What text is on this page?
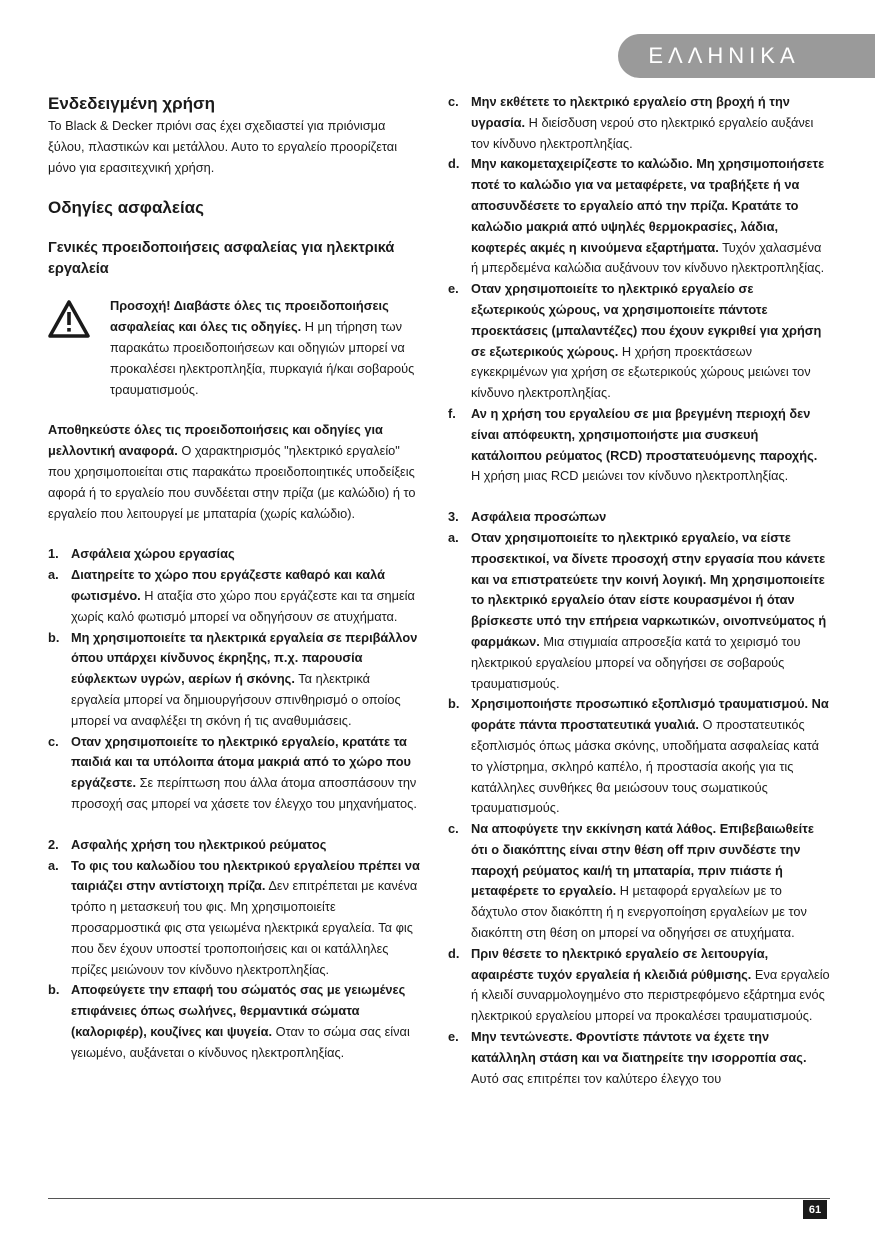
ΕΛΛΗΝΙΚΑ
Ενδεδειγμένη χρήση

Το Black & Decker πριόνι σας έχει σχεδιαστεί για πριόνισμα ξύλου, πλαστικών και μετάλλου. Αυτο το εργαλείο προορίζεται μόνο για ερασιτεχνική χρήση.

Οδηγίες ασφαλείας
Γενικές προειδοποιήσεις ασφαλείας για ηλεκτρικά εργαλεία

Προσοχή! Διαβάστε όλες τις προειδοποιήσεις ασφαλείας και όλες τις οδηγίες. Η μη τήρηση των παρακάτω προειδοποιήσεων και οδηγιών μπορεί να προκαλέσει ηλεκτροπληξία, πυρκαγιά ή/και σοβαρούς τραυματισμούς.

Αποθηκεύστε όλες τις προειδοποιήσεις και οδηγίες για μελλοντική αναφορά. Ο χαρακτηρισμός "ηλεκτρικό εργαλείο" που χρησιμοποιείται στις παρακάτω προειδοποιητικές υποδείξεις αφορά ή το εργαλείο που συνδέεται στην πρίζα (με καλώδιο) ή το εργαλείο που λειτουργεί με μπαταρία (χωρίς καλώδιο).

1. Ασφάλεια χώρου εργασίας
a. Διατηρείτε το χώρο που εργάζεστε καθαρό και καλά φωτισμένο. Η αταξία στο χώρο που εργάζεστε και τα σημεία χωρίς καλό φωτισμό μπορεί να οδηγήσουν σε ατυχήματα.

b. Μη χρησιμοποιείτε τα ηλεκτρικά εργαλεία σε περιβάλλον όπου υπάρχει κίνδυνος έκρηξης, π.χ. παρουσία εύφλεκτων υγρών, αερίων ή σκόνης. Τα ηλεκτρικά εργαλεία μπορεί να δημιουργήσουν σπινθηρισμό ο οποίος μπορεί να αναφλέξει τη σκόνη ή τις αναθυμιάσεις.

c. Οταν χρησιμοποιείτε το ηλεκτρικό εργαλείο, κρατάτε τα παιδιά και τα υπόλοιπα άτομα μακριά από το χώρο που εργάζεστε. Σε περίπτωση που άλλα άτομα αποσπάσουν την προσοχή σας μπορεί να χάσετε τον έλεγχο του μηχανήματος.

2. Ασφαλής χρήση του ηλεκτρικού ρεύματος
a. Το φις του καλωδίου του ηλεκτρικού εργαλείου πρέπει να ταιριάζει στην αντίστοιχη πρίζα. Δεν επιτρέπεται με κανένα τρόπο η μετασκευή του φις. Μη χρησιμοποιείτε προσαρμοστικά φις στα γειωμένα ηλεκτρικά εργαλεία. Τα φις που δεν έχουν υποστεί τροποποιήσεις και οι κατάλληλες πρίζες μειώνουν τον κίνδυνο ηλεκτροπληξίας.

b. Αποφεύγετε την επαφή του σώματός σας με γειωμένες επιφάνειες όπως σωλήνες, θερμαντικά σώματα (καλοριφέρ), κουζίνες και ψυγεία. Οταν το σώμα σας είναι γειωμένο, αυξάνεται ο κίνδυνος ηλεκτροπληξίας.

c. Μην εκθέτετε το ηλεκτρικό εργαλείο στη βροχή ή την υγρασία. Η διείσδυση νερού στο ηλεκτρικό εργαλείο αυξάνει τον κίνδυνο ηλεκτροπληξίας.

d. Μην κακομεταχειρίζεστε το καλώδιο. Μη χρησιμοποιήσετε ποτέ το καλώδιο για να μεταφέρετε, να τραβήξετε ή να αποσυνδέσετε το εργαλείο από την πρίζα. Κρατάτε το καλώδιο μακριά από υψηλές θερμοκρασίες, λάδια, κοφτερές ακμές η κινούμενα εξαρτήματα. Τυχόν χαλασμένα ή μπερδεμένα καλώδια αυξάνουν τον κίνδυνο ηλεκτροπληξίας.

e. Οταν χρησιμοποιείτε το ηλεκτρικό εργαλείο σε εξωτερικούς χώρους, να χρησιμοποιείτε πάντοτε προεκτάσεις (μπαλαντέζες) που έχουν εγκριθεί για χρήση σε εξωτερικούς χώρους. Η χρήση προεκτάσεων εγκεκριμένων για χρήση σε εξωτερικούς χώρους μειώνει τον κίνδυνο ηλεκτροπληξίας.

f.	Αν η χρήση του εργαλείου σε μια βρεγμένη περιοχή δεν είναι απόφευκτη, χρησιμοποιήστε μια συσκευή κατάλοιπου ρεύματος (RCD) προστατευόμενης παροχής. Η χρήση μιας RCD μειώνει τον κίνδυνο ηλεκτροπληξίας.

3. Ασφάλεια προσώπων
a. Οταν χρησιμοποιείτε το ηλεκτρικό εργαλείο, να είστε προσεκτικοί, να δίνετε προσοχή στην εργασία που κάνετε και να επιστρατεύετε την κοινή λογική. Μη χρησιμοποιείτε το ηλεκτρικό εργαλείο όταν είστε κουρασμένοι ή όταν βρίσκεστε υπό την επήρεια ναρκωτικών, οινοπνεύματος ή φαρμάκων. Μια στιγμιαία απροσεξία κατά το χειρισμό του ηλεκτρικού εργαλείου μπορεί να οδηγήσει σε σοβαρούς τραυματισμούς.

b. Χρησιμοποιήστε προσωπικό εξοπλισμό τραυματισμού. Να φοράτε πάντα προστατευτικά γυαλιά. Ο προστατευτικός εξοπλισμός όπως μάσκα σκόνης, υποδήματα ασφαλείας κατά το γλίστρημα, σκληρό καπέλο, ή προστασία ακοής για τις κατάλληλες συνθήκες θα μειώσουν τους σωματικούς τραυματισμούς.

c. Να αποφύγετε την εκκίνηση κατά λάθος. Επιβεβαιωθείτε ότι ο διακόπτης είναι στην θέση off πριν συνδέστε την παροχή ρεύματος και/ή τη μπαταρία, πριν πιάστε ή μεταφέρετε το εργαλείο. Η μεταφορά εργαλείων με το δάχτυλο στον διακόπτη ή η ενεργοποίηση εργαλείων με τον διακόπτη στη θέση on μπορεί να οδηγήσει σε ατυχήματα.

d. Πριν θέσετε το ηλεκτρικό εργαλείο σε λειτουργία, αφαιρέστε τυχόν εργαλεία ή κλειδιά ρύθμισης. Ενα εργαλείο ή κλειδί συναρμολογημένο στο περιστρεφόμενο εξάρτημα ενός ηλεκτρικού εργαλείου μπορεί να προκαλέσει τραυματισμούς.

e. Μην τεντώνεστε. Φροντίστε πάντοτε να έχετε την κατάλληλη στάση και να διατηρείτε την ισορροπία σας. Αυτό σας επιτρέπει τον καλύτερο έλεγχο του

61
